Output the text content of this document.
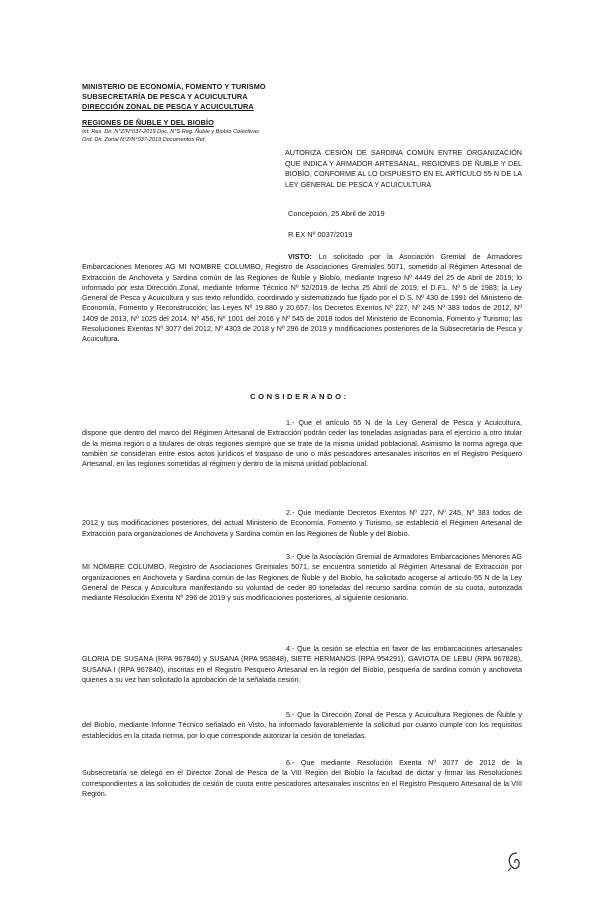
MINISTERIO DE ECONOMÍA, FOMENTO Y TURISMO
SUBSECRETARÍA DE PESCA Y ACUICULTURA
DIRECCIÓN ZONAL DE PESCA Y ACUICULTURA
REGIONES DE ÑUBLE Y DEL BIOBÍO
Int. Res. Dir. N°Z/N°037-2019 Doc. N°S Reg. Ñuble y Biobío Colectivas
Ord. Dir. Zonal N°Z/N°037-2019 Documentos Ref.
AUTORIZA CESIÓN DE SARDINA COMÚN ENTRE ORGANIZACIÓN QUE INDICA Y ARMADOR ARTESANAL, REGIONES DE ÑUBLE Y DEL BIOBÍO, CONFORME AL LO DISPUESTO EN EL ARTÍCULO 55 N DE LA LEY GENERAL DE PESCA Y ACUICULTURA
Concepción, 25 Abril de 2019
R EX Nº 0037/2019
VISTO: Lo solicitado por la Asociación Gremial de Armadores Embarcaciones Menores AG MI NOMBRE COLUMBO, Registro de Asociaciones Gremiales 5071, sometido al Régimen Artesanal de Extracción de Anchoveta y Sardina común de las Regiones de Ñuble y Biobío, mediante Ingreso Nº 4449 del 25 de Abril de 2019; lo informado por esta Dirección Zonal, mediante Informe Técnico Nº 52/2019 de fecha 25 Abril de 2019; el D.F.L. Nº 5 de 1983; la Ley General de Pesca y Acuicultura y sus texto refundido, coordinado y sistematizado fue fijado por el D.S. Nº 430 de 1991 del Ministerio de Economía, Fomento y Reconstrucción; las Leyes Nº 19.880 y 20.657; los Decretos Exentos Nº 227, Nº 245 Nº 383 todos de 2012, Nº 1409 de 2013, Nº 1025 del 2014, Nº 456, Nº 1001 del 2016 y Nº 545 de 2018 todos del Ministerio de Economía, Fomento y Turismo; las Resoluciones Exentas Nº 3077 del 2012, Nº 4303 de 2018 y Nº 296 de 2019 y modificaciones posteriores de la Subsecretaría de Pesca y Acuicultura.
CONSIDERANDO:
1.- Que el artículo 55 N de la Ley General de Pesca y Acuicultura, dispone que dentro del marco del Régimen Artesanal de Extracción podrán ceder las toneladas asignadas para el ejercicio a otro titular de la misma región o a titulares de otras regiones siempre que se trate de la misma unidad poblacional. Asimismo la norma agrega que también se consideran entre estos actos jurídicos el traspaso de uno o más pescadores artesanales inscritos en el Registro Pesquero Artesanal, en las regiones sometidas al régimen y dentro de la misma unidad poblacional.
2.- Que mediante Decretos Exentos Nº 227, Nº 245, Nº 383 todos de 2012 y sus modificaciones posteriores, del actual Ministerio de Economía, Fomento y Turismo, se estableció el Régimen Artesanal de Extracción para organizaciones de Anchoveta y Sardina común en las Regiones de Ñuble y del Biobío.
3.- Que la Asociación Gremial de Armadores Embarcaciones Menores AG MI NOMBRE COLUMBO, Registro de Asociaciones Gremiales 5071, se encuentra sometido al Régimen Artesanal de Extracción por organizaciones en Anchoveta y Sardina común de las Regiones de Ñuble y del Biobío, ha solicitado acogerse al artículo 55 N de la Ley General de Pesca y Acuicultura manifestando su voluntad de ceder 80 toneladas del recurso sardina común de su cuota, autorizada mediante Resolución Exenta Nº 296 de 2019 y sus modificaciones posteriores, al siguiente cesionario.
4.- Que la cesión se efectúa en favor de las embarcaciones artesanales GLORIA DE SUSANA (RPA 967840) y SUSANA (RPA 953848), SIETE HERMANOS (RPA 954291), GAVIOTA DE LEBU (RPA 967828), SUSANA I (RPA 967840), inscritas en el Registro Pesquero Artesanal en la región del Biobío, pesquería de sardina común y anchoveta quienes a su vez han solicitado la aprobación de la señalada cesión.
5.- Que la Dirección Zonal de Pesca y Acuicultura Regiones de Ñuble y del Biobío, mediante Informe Técnico señalado en Visto, ha informado favorablemente la solicitud por cuanto cumple con los requisitos establecidos en la citada norma, por lo que corresponde autorizar la cesión de toneladas.
6.- Que mediante Resolución Exenta Nº 3077 de 2012 de la Subsecretaría se delegó en el Director Zonal de Pesca de la VIII Región del Biobío la facultad de dictar y firmar las Resoluciones correspondientes a las solicitudes de cesión de cuota entre pescadores artesanales inscritos en el Registro Pesquero Artesanal de la VIII Región.
